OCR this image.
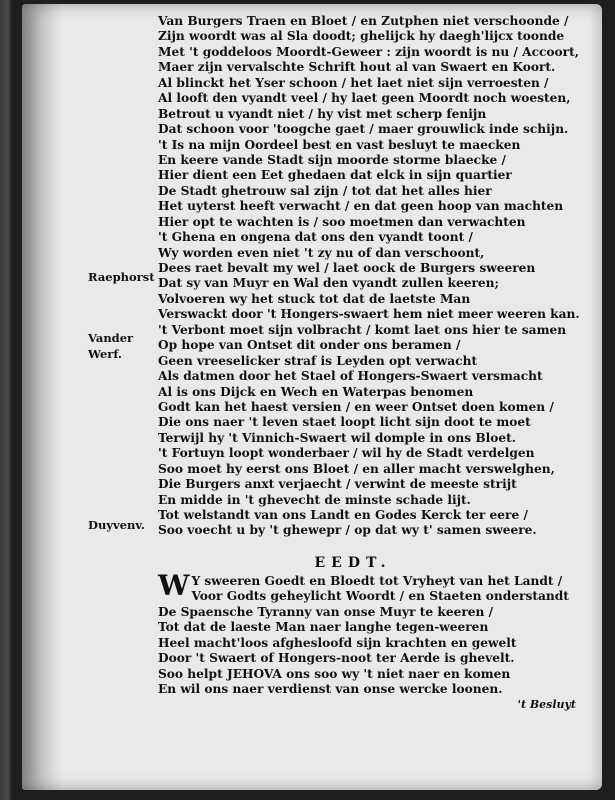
Raephorst
Vander
Werf.
Duyvenv.
Van Burgers Traen en Bloet / en Zutphen niet verschoonde /
Zijn woordt was al Sla doodt; ghelijck hy daegh'lijcx toonde
Met 't goddeloos Moordt-Geweer : zijn woordt is nu / Accoort,
Maer zijn vervalschte Schrift hout al van Swaert en Koort.
Al blinckt het Yser schoon / het laet niet sijn verroesten /
Al looft den vyandt veel / hy laet geen Moordt noch woesten,
Betrout u vyandt niet / hy vist met scherp fenijn
Dat schoon voor 'toogche gaet / maer grouwlick inde schijn.
't Is na mijn Oordeel best en vast besluyt te maecken
En keere vande Stadt sijn moorde storme blaecke /
Hier dient een Eet ghedaen dat elck in sijn quartier
De Stadt ghetrouw sal zijn / tot dat het alles hier
Het uyterst heeft verwacht / en dat geen hoop van machten
Hier opt te wachten is / soo moetmen dan verwachten
't Ghena en ongena dat ons den vyandt toont /
Wy worden even niet 't zy nu of dan verschoont,
Dees raet bevalt my wel / laet oock de Burgers sweeren
Dat sy van Muyr en Wal den vyandt zullen keeren;
Volvoeren wy het stuck tot dat de laetste Man
Verswackt door 't Hongers-swaert hem niet meer weeren kan.
't Verbont moet sijn volbracht / komt laet ons hier te samen
Op hope van Ontset dit onder ons beramen /
Geen vreeselicker straf is Leyden opt verwacht
Als datmen door het Stael of Hongers-Swaert versmacht
Al is ons Dijck en Wech en Waterpas benomen
Godt kan het haest versien / en weer Ontset doen komen /
Die ons naer 't leven staet loopt licht sijn doot te moet
Terwijl hy 't Vinnich-Swaert wil domple in ons Bloet.
't Fortuyn loopt wonderbaer / wil hy de Stadt verdelgen
Soo moet hy eerst ons Bloet / en aller macht verswelghen,
Die Burgers anxt verjaecht / verwint de meeste strijt
En midde in 't ghevecht de minste schade lijt.
Tot welstandt van ons Landt en Godes Kerck ter eere /
Soo voecht u by 't ghewepr / op dat wy t' samen sweere.
EEDT.
W Y sweeren Goedt en Bloedt tot Vryheyt van het Landt /
Voor Godts geheylicht Woordt / en Staeten onderstandt
De Spaensche Tyranny van onse Muyr te keeren /
Tot dat de laeste Man naer langhe tegen-weeren
Heel macht'loos afghesloofd sijn krachten en gewelt
Door 't Swaert of Hongers-noot ter Aerde is ghevelt.
Soo helpt JEHOVA ons soo wy 't niet naer en komen
En wil ons naer verdienst van onse wercke loonen.
't Besluyt
